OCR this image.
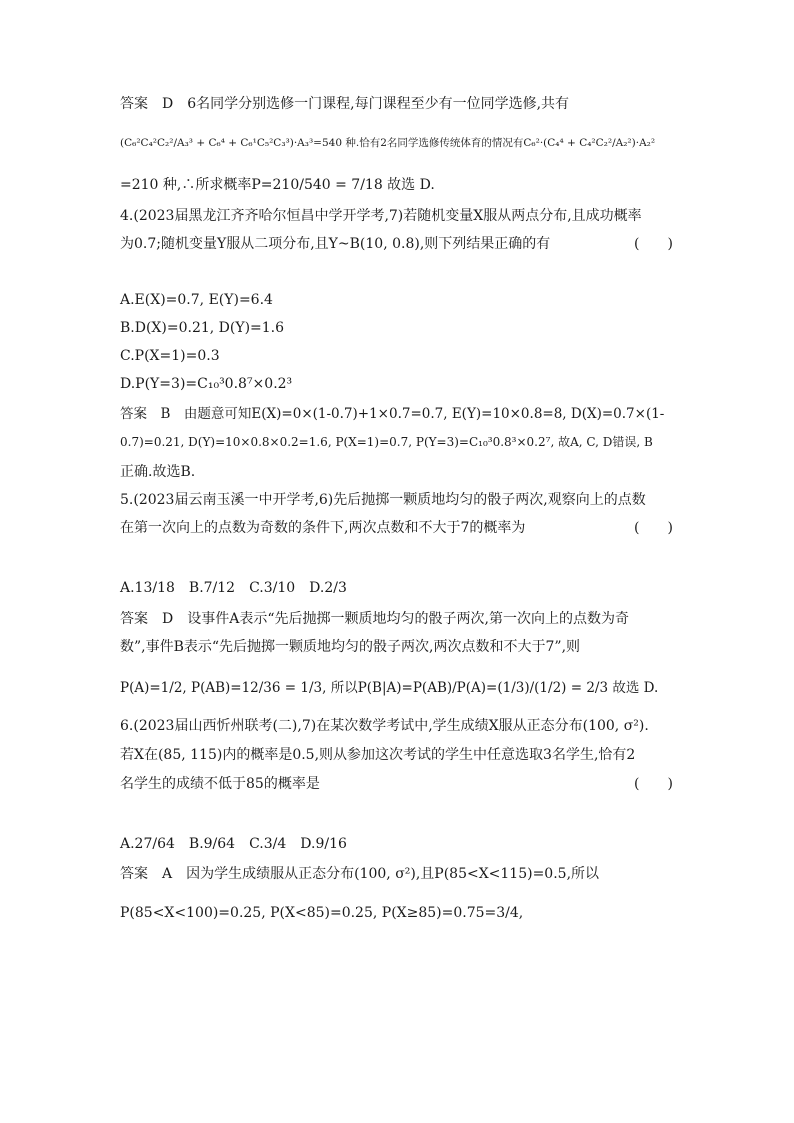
答案　D　6名同学分别选修一门课程,每门课程至少有一位同学选修,共有
(C₆²C₄²C₂²/A₃³ + C₆⁴ + C₆¹C₅²C₃³)·A₃³=540 种.恰有2名同学选修传统体育的情况有C₆²·(C₄⁴ + C₄²C₂²/A₂²)·A₂²
=210 种,∴所求概率P=210/540 = 7/18 故选 D.
4.(2023届黑龙江齐齐哈尔恒昌中学开学考,7)若随机变量X服从两点分布,且成功概率
为0.7;随机变量Y服从二项分布,且Y~B(10, 0.8),则下列结果正确的有	(　　)
A.E(X)=0.7, E(Y)=6.4
B.D(X)=0.21, D(Y)=1.6
C.P(X=1)=0.3
D.P(Y=3)=C₁₀³0.8⁷×0.2³
答案　B　由题意可知E(X)=0×(1-0.7)+1×0.7=0.7, E(Y)=10×0.8=8, D(X)=0.7×(1-
0.7)=0.21, D(Y)=10×0.8×0.2=1.6, P(X=1)=0.7, P(Y=3)=C₁₀³0.8³×0.2⁷, 故A, C, D错误, B
正确.故选B.
5.(2023届云南玉溪一中开学考,6)先后抛掷一颗质地均匀的骰子两次,观察向上的点数
在第一次向上的点数为奇数的条件下,两次点数和不大于7的概率为	(　　)
A.13/18　B.7/12　C.3/10　D.2/3
答案　D　设事件A表示“先后抛掷一颗质地均匀的骰子两次,第一次向上的点数为奇
数”,事件B表示“先后抛掷一颗质地均匀的骰子两次,两次点数和不大于7”,则
P(A)=1/2, P(AB)=12/36 = 1/3, 所以P(B|A)=P(AB)/P(A)=(1/3)/(1/2) = 2/3 故选 D.
6.(2023届山西忻州联考(二),7)在某次数学考试中,学生成绩X服从正态分布(100, σ²).
若X在(85, 115)内的概率是0.5,则从参加这次考试的学生中任意选取3名学生,恰有2
名学生的成绩不低于85的概率是	(　　)
A.27/64　B.9/64　C.3/4　D.9/16
答案　A　因为学生成绩服从正态分布(100, σ²),且P(85<X<115)=0.5,所以
P(85<X<100)=0.25, P(X<85)=0.25, P(X≥85)=0.75=3/4,
